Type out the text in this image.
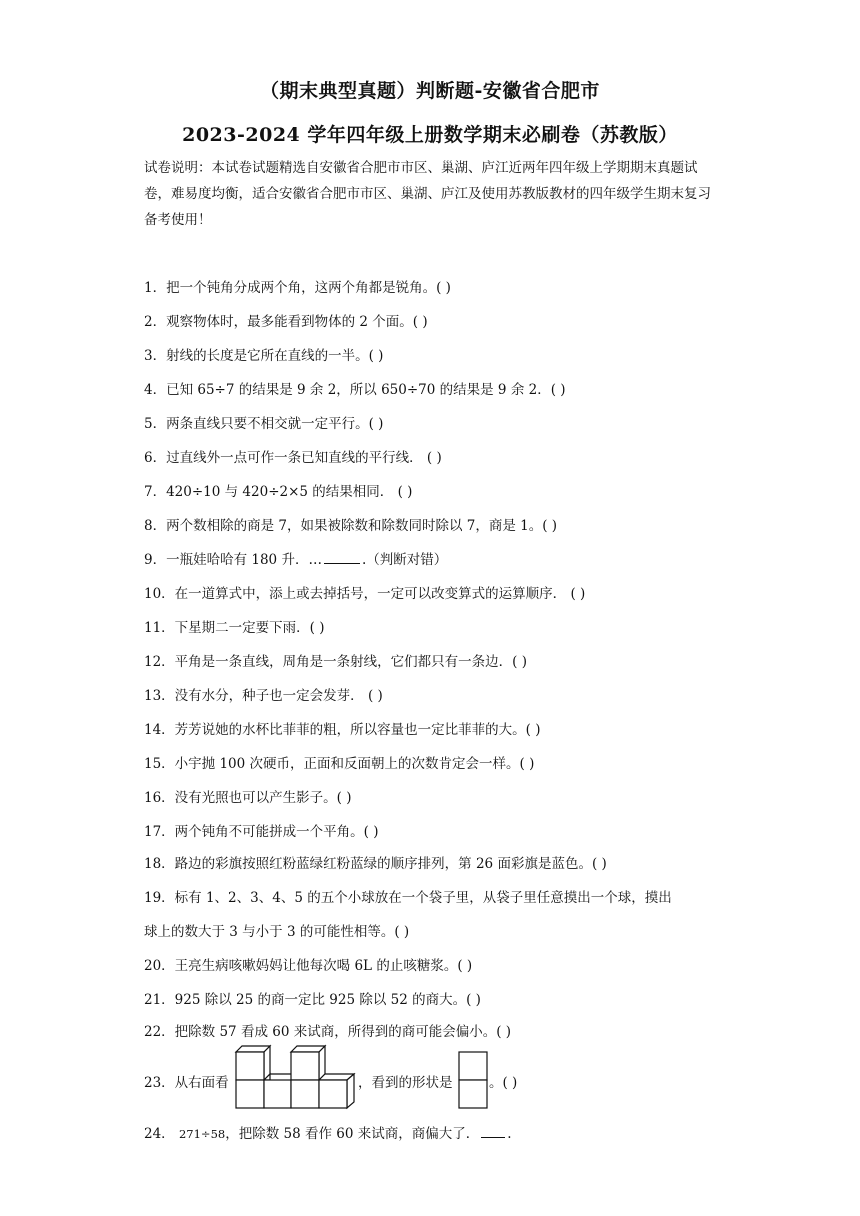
（期末典型真题）判断题-安徽省合肥市
2023-2024 学年四年级上册数学期末必刷卷（苏教版）
试卷说明：本试卷试题精选自安徽省合肥市市区、巢湖、庐江近两年四年级上学期期末真题试卷，难易度均衡，适合安徽省合肥市市区、巢湖、庐江及使用苏教版教材的四年级学生期末复习备考使用！
1．把一个钝角分成两个角，这两个角都是锐角。( )
2．观察物体时，最多能看到物体的 2 个面。( )
3．射线的长度是它所在直线的一半。( )
4．已知 65÷7 的结果是 9 余 2，所以 650÷70 的结果是 9 余 2．( )
5．两条直线只要不相交就一定平行。( )
6．过直线外一点可作一条已知直线的平行线． ( )
7．420÷10 与 420÷2×5 的结果相同． ( )
8．两个数相除的商是 7，如果被除数和除数同时除以 7，商是 1。( )
9．一瓶娃哈哈有 180 升．…	.（判断对错）
10．在一道算式中，添上或去掉括号，一定可以改变算式的运算顺序． ( )
11．下星期二一定要下雨．( )
12．平角是一条直线，周角是一条射线，它们都只有一条边．( )
13．没有水分，种子也一定会发芽． ( )
14．芳芳说她的水杯比菲菲的粗，所以容量也一定比菲菲的大。( )
15．小宇抛 100 次硬币，正面和反面朝上的次数肯定会一样。( )
16．没有光照也可以产生影子。( )
17．两个钝角不可能拼成一个平角。( )
18．路边的彩旗按照红粉蓝绿红粉蓝绿的顺序排列，第 26 面彩旗是蓝色。( )
19．标有 1、2、3、4、5 的五个小球放在一个袋子里，从袋子里任意摸出一个球，摸出
球上的数大于 3 与小于 3 的可能性相等。( )
20．王亮生病咳嗽妈妈让他每次喝 6L 的止咳糖浆。( )
21．925 除以 25 的商一定比 925 除以 52 的商大。( )
22．把除数 57 看成 60 来试商，所得到的商可能会偏小。( )
23．从右面看	，看到的形状是	。( )
24． 271÷58，把除数 58 看作 60 来试商，商偏大了． .
